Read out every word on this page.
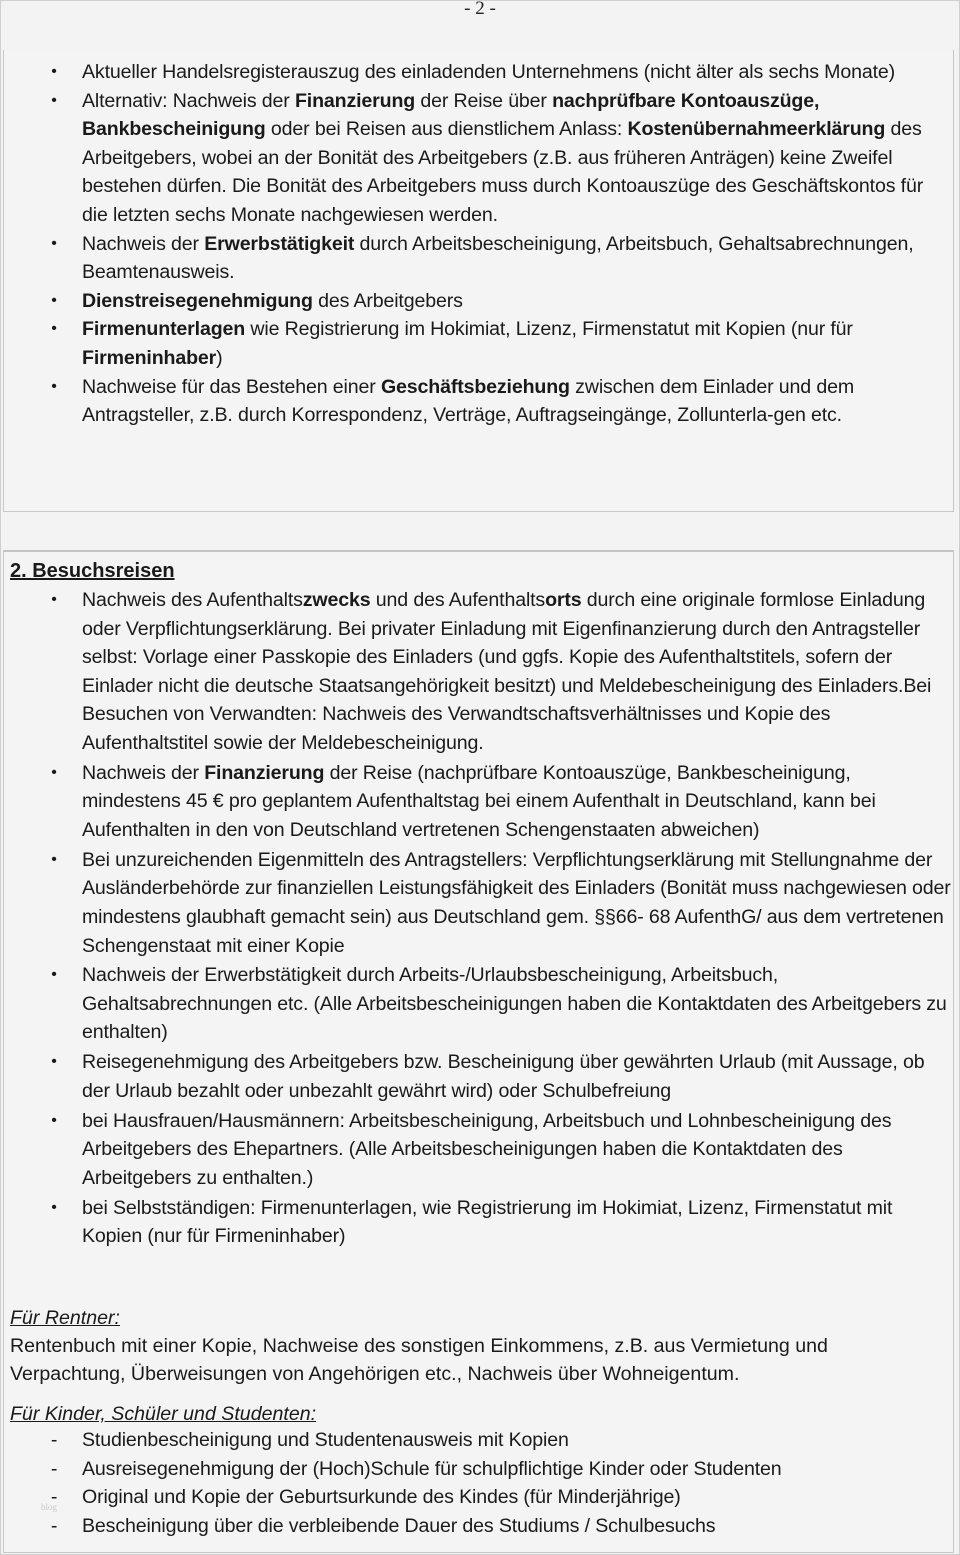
- 2 -
•	Aktueller Handelsregisterauszug des einladenden Unternehmens (nicht älter als sechs Monate)
•	Alternativ: Nachweis der Finanzierung der Reise über nachprüfbare Kontoauszüge, Bankbescheinigung oder bei Reisen aus dienstlichem Anlass: Kostenübernahmeerklärung des Arbeitgebers, wobei an der Bonität des Arbeitgebers (z.B. aus früheren Anträgen) keine Zweifel bestehen dürfen. Die Bonität des Arbeitgebers muss durch Kontoauszüge des Geschäftskontos für die letzten sechs Monate nachgewiesen werden.
•	Nachweis der Erwerbstätigkeit durch Arbeitsbescheinigung, Arbeitsbuch, Gehaltsabrechnungen, Beamtenausweis.
•	Dienstreisegenehmigung des Arbeitgebers
•	Firmenunterlagen wie Registrierung im Hokimiat, Lizenz, Firmenstatut mit Kopien (nur für Firmeninhaber)
•	Nachweise für das Bestehen einer Geschäftsbeziehung zwischen dem Einlader und dem Antragsteller, z.B. durch Korrespondenz, Verträge, Auftragseingänge, Zollunterla-gen etc.
2. Besuchsreisen
•	Nachweis des Aufenthaltszwecks und des Aufenthaltsorts durch eine originale formlose Einladung oder Verpflichtungserklärung. Bei privater Einladung mit Eigenfinanzierung durch den Antragsteller selbst: Vorlage einer Passkopie des Einladers (und ggfs. Kopie des Aufenthaltstitels, sofern der Einlader nicht die deutsche Staatsangehörigkeit besitzt) und Meldebescheinigung des Einladers.Bei Besuchen von Verwandten: Nachweis des Verwandtschaftsverhältnisses und Kopie des Aufenthaltstitel sowie der Meldebescheinigung.
•	Nachweis der Finanzierung der Reise (nachprüfbare Kontoauszüge, Bankbescheinigung, mindestens 45 € pro geplantem Aufenthaltstag bei einem Aufenthalt in Deutschland, kann bei Aufenthalten in den von Deutschland vertretenen Schengenstaaten abweichen)
•	Bei unzureichenden Eigenmitteln des Antragstellers: Verpflichtungserklärung mit Stellungnahme der Ausländerbehörde zur finanziellen Leistungsfähigkeit des Einladers (Bonität muss nachgewiesen oder mindestens glaubhaft gemacht sein) aus Deutschland gem. §§66- 68 AufenthG/ aus dem vertretenen Schengenstaat mit einer Kopie
•	Nachweis der Erwerbstätigkeit durch Arbeits-/Urlaubsbescheinigung, Arbeitsbuch, Gehaltsabrechnungen etc. (Alle Arbeitsbescheinigungen haben die Kontaktdaten des Arbeitgebers zu enthalten)
•	Reisegenehmigung des Arbeitgebers bzw. Bescheinigung über gewährten Urlaub (mit Aussage, ob der Urlaub bezahlt oder unbezahlt gewährt wird) oder Schulbefreiung
•	bei Hausfrauen/Hausmännern: Arbeitsbescheinigung, Arbeitsbuch und Lohnbescheinigung des Arbeitgebers des Ehepartners. (Alle Arbeitsbescheinigungen haben die Kontaktdaten des Arbeitgebers zu enthalten.)
•	bei Selbstständigen: Firmenunterlagen, wie Registrierung im Hokimiat, Lizenz, Firmenstatut mit Kopien (nur für Firmeninhaber)
Für Rentner:
Rentenbuch mit einer Kopie, Nachweise des sonstigen Einkommens, z.B. aus Vermietung und Verpachtung, Überweisungen von Angehörigen etc., Nachweis über Wohneigentum.
Für Kinder, Schüler und Studenten:
-	Studienbescheinigung und Studentenausweis mit Kopien
-	Ausreisegenehmigung der (Hoch)Schule für schulpflichtige Kinder oder Studenten
-	Original und Kopie der Geburtsurkunde des Kindes (für Minderjährige)
-	Bescheinigung über die verbleibende Dauer des Studiums / Schulbesuchs
blog
